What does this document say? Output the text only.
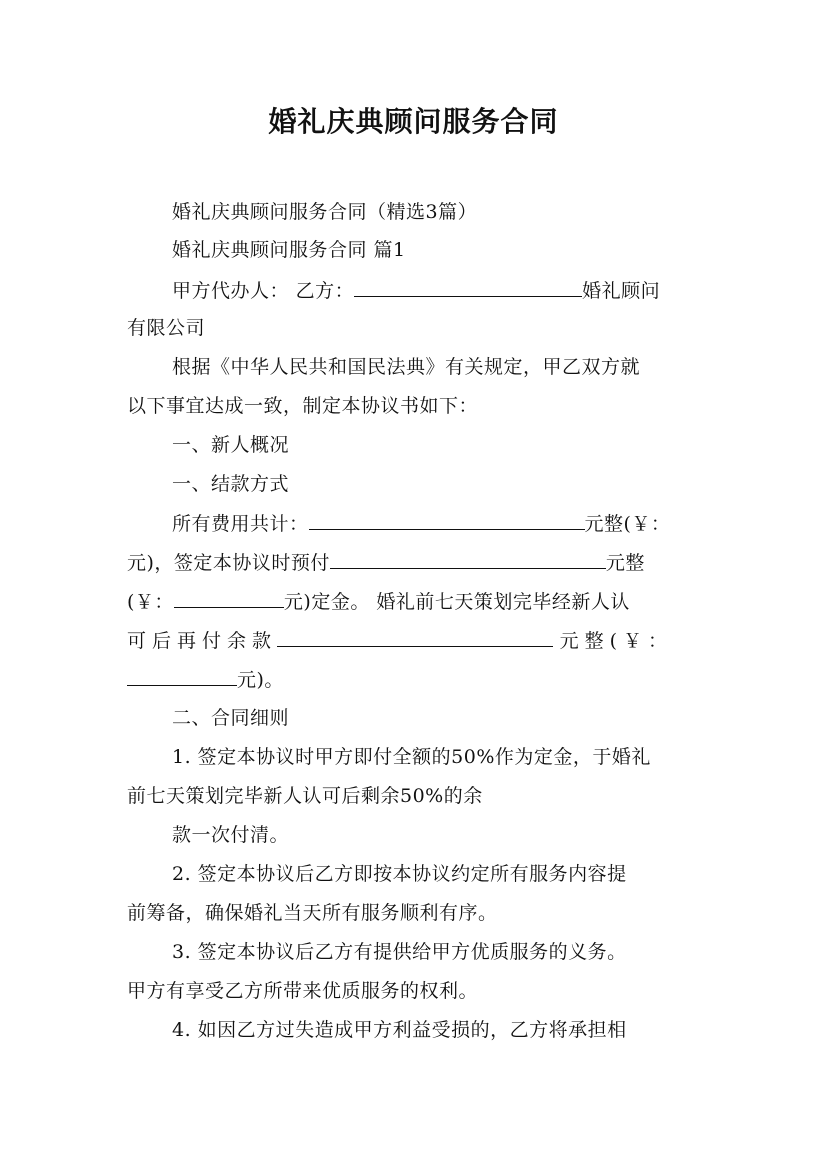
婚礼庆典顾问服务合同
婚礼庆典顾问服务合同（精选3篇）
婚礼庆典顾问服务合同 篇1
甲方代办人： 乙方：	婚礼顾问
有限公司
根据《中华人民共和国民法典》有关规定，甲乙双方就
以下事宜达成一致，制定本协议书如下：
一、新人概况
一、结款方式
所有费用共计：	元整(￥：
元)，签定本协议时预付	元整
(￥：	元)定金。 婚礼前七天策划完毕经新人认
可后再付余款	元整(￥：
元)。
二、合同细则
1. 签定本协议时甲方即付全额的50%作为定金，于婚礼
前七天策划完毕新人认可后剩余50%的余
款一次付清。
2. 签定本协议后乙方即按本协议约定所有服务内容提
前筹备，确保婚礼当天所有服务顺利有序。
3. 签定本协议后乙方有提供给甲方优质服务的义务。
甲方有享受乙方所带来优质服务的权利。
4. 如因乙方过失造成甲方利益受损的，乙方将承担相
